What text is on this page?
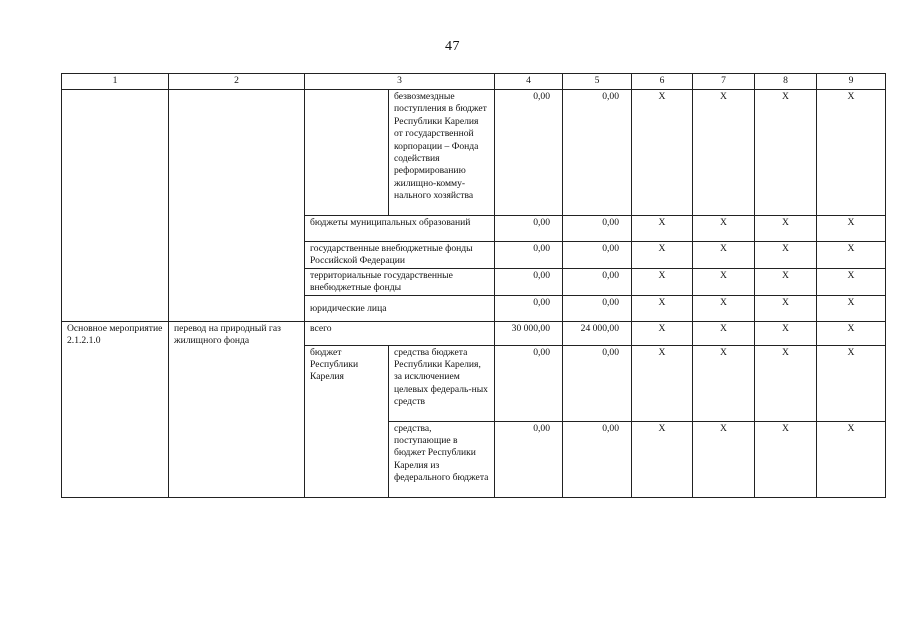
47
1	2	3		4	5	6	7	8	9
			безвозмездные поступления в бюджет Республики Карелия от государственной корпорации – Фонда содействия реформированию жилищно-комму-нального хозяйства	0,00	0,00	Х	Х	Х	Х
		бюджеты муниципальных образований		0,00	0,00	Х	Х	Х	Х
		государственные внебюджетные фонды Российской Федерации		0,00	0,00	Х	Х	Х	Х
		территориальные государственные внебюджетные фонды		0,00	0,00	Х	Х	Х	Х

		юридические лица		0,00	0,00	Х	Х	Х	Х
Основное мероприятие 2.1.2.1.0	перевод на природный газ жилищного фонда	всего		30 000,00	24 000,00	Х	Х	Х	Х
		бюджет Республики Карелия	средства бюджета Республики Карелия, за исключением целевых федераль-ных средств	0,00	0,00	Х	Х	Х	Х
			средства, поступающие в бюджет Республики Карелия из федерального бюджета	0,00	0,00	Х	Х	Х	Х
